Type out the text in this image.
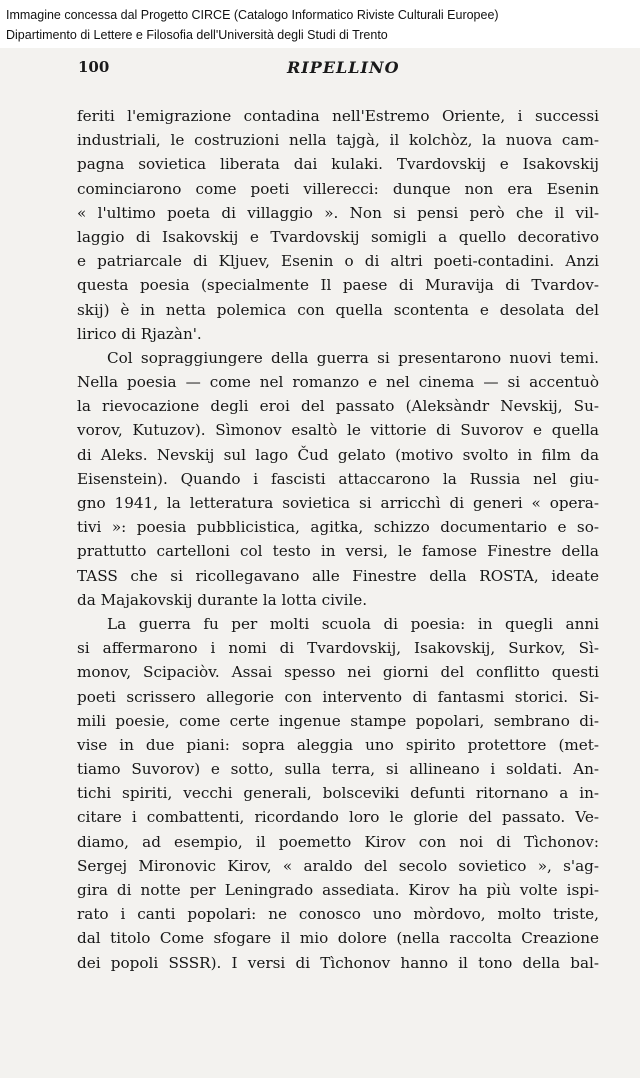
Immagine concessa dal Progetto CIRCE (Catalogo Informatico Riviste Culturali Europee)
Dipartimento di Lettere e Filosofia dell'Università degli Studi di Trento
100	RIPELLINO
feriti l'emigrazione contadina nell'Estremo Oriente, i successi
industriali, le costruzioni nella tajgà, il kolchòz, la nuova cam-
pagna sovietica liberata dai kulaki. Tvardovskij e Isakovskij
cominciarono come poeti villerecci: dunque non era Esenin
« l'ultimo poeta di villaggio ». Non si pensi però che il vil-
laggio di Isakovskij e Tvardovskij somigli a quello decorativo
e patriarcale di Kljuev, Esenin o di altri poeti-contadini. Anzi
questa poesia (specialmente Il paese di Muravija di Tvardov-
skij) è in netta polemica con quella scontenta e desolata del
lirico di Rjazàn'.
Col sopraggiungere della guerra si presentarono nuovi temi.
Nella poesia — come nel romanzo e nel cinema — si accentuò
la rievocazione degli eroi del passato (Aleksàndr Nevskij, Su-
vorov, Kutuzov). Sìmonov esaltò le vittorie di Suvorov e quella
di Aleks. Nevskij sul lago Čud gelato (motivo svolto in film da
Eisenstein). Quando i fascisti attaccarono la Russia nel giu-
gno 1941, la letteratura sovietica si arricchì di generi « opera-
tivi »: poesia pubblicistica, agitka, schizzo documentario e so-
prattutto cartelloni col testo in versi, le famose Finestre della
TASS che si ricollegavano alle Finestre della ROSTA, ideate
da Majakovskij durante la lotta civile.
La guerra fu per molti scuola di poesia: in quegli anni
si affermarono i nomi di Tvardovskij, Isakovskij, Surkov, Sì-
monov, Scipaciòv. Assai spesso nei giorni del conflitto questi
poeti scrissero allegorie con intervento di fantasmi storici. Si-
mili poesie, come certe ingenue stampe popolari, sembrano di-
vise in due piani: sopra aleggia uno spirito protettore (met-
tiamo Suvorov) e sotto, sulla terra, si allineano i soldati. An-
tichi spiriti, vecchi generali, bolsceviki defunti ritornano a in-
citare i combattenti, ricordando loro le glorie del passato. Ve-
diamo, ad esempio, il poemetto Kirov con noi di Tìchonov:
Sergej Mironovic Kirov, « araldo del secolo sovietico », s'ag-
gira di notte per Leningrado assediata. Kirov ha più volte ispi-
rato i canti popolari: ne conosco uno mòrdovo, molto triste,
dal titolo Come sfogare il mio dolore (nella raccolta Creazione
dei popoli SSSR). I versi di Tìchonov hanno il tono della bal-
